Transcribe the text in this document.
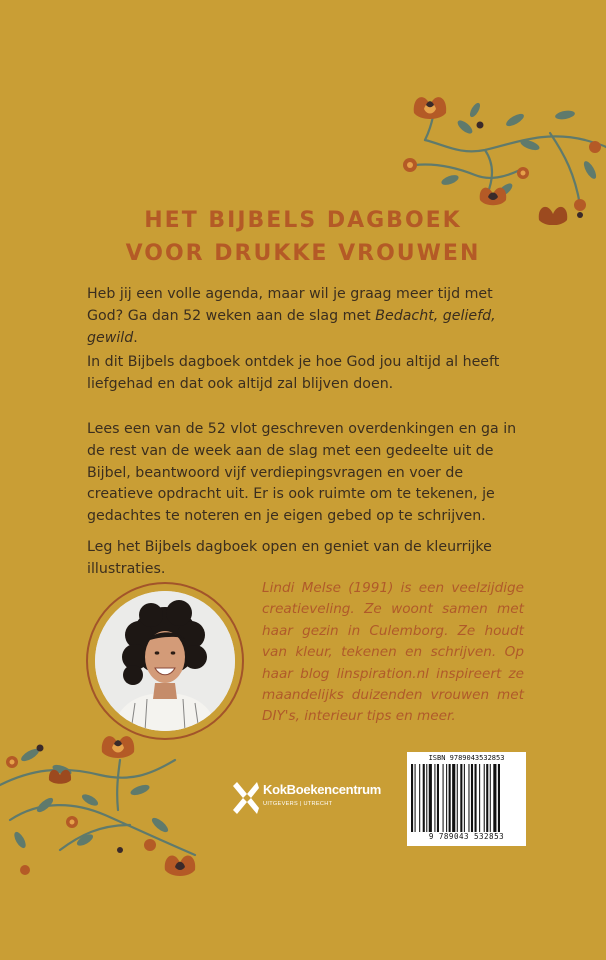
HET BIJBELS DAGBOEK
VOOR DRUKKE VROUWEN

Heb jij een volle agenda, maar wil je graag meer tijd met God? Ga dan 52 weken aan de slag met Bedacht, geliefd, gewild.

In dit Bijbels dagboek ontdek je hoe God jou altijd al heeft liefgehad en dat ook altijd zal blijven doen.

Lees een van de 52 vlot geschreven overdenkingen en ga in de rest van de week aan de slag met een gedeelte uit de Bijbel, beantwoord vijf verdiepingsvragen en voer de creatieve opdracht uit. Er is ook ruimte om te tekenen, je gedachtes te noteren en je eigen gebed op te schrijven.

Leg het Bijbels dagboek open en geniet van de kleurrijke illustraties.

Lindi Melse (1991) is een veelzijdige creatieveling. Ze woont samen met haar gezin in Culemborg. Ze houdt van kleur, tekenen en schrijven. Op haar blog linspiration.nl inspireert ze maandelijks duizenden vrouwen met DIY's, interieur tips en meer.

KokBoekencentrum
UITGEVERS | UTRECHT
ISBN 9789043532853
9 789043 532853
